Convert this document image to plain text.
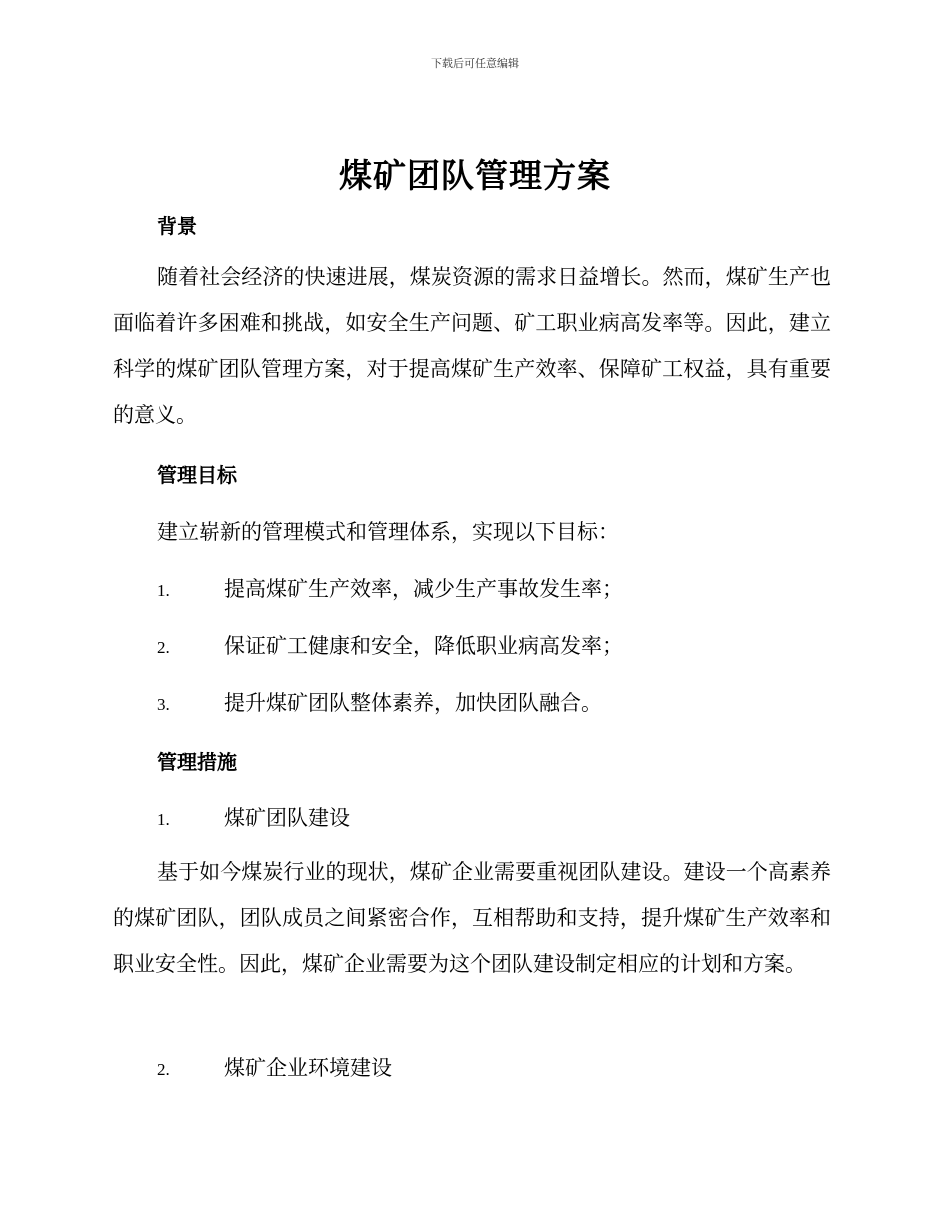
下载后可任意编辑
煤矿团队管理方案
背景
随着社会经济的快速进展，煤炭资源的需求日益增长。然而，煤矿生产也面临着许多困难和挑战，如安全生产问题、矿工职业病高发率等。因此，建立科学的煤矿团队管理方案，对于提高煤矿生产效率、保障矿工权益，具有重要的意义。
管理目标
建立崭新的管理模式和管理体系，实现以下目标：
1.	提高煤矿生产效率，减少生产事故发生率；
2.	保证矿工健康和安全，降低职业病高发率；
3.	提升煤矿团队整体素养，加快团队融合。
管理措施
1.	煤矿团队建设
基于如今煤炭行业的现状，煤矿企业需要重视团队建设。建设一个高素养的煤矿团队，团队成员之间紧密合作，互相帮助和支持，提升煤矿生产效率和职业安全性。因此，煤矿企业需要为这个团队建设制定相应的计划和方案。
2.	煤矿企业环境建设
